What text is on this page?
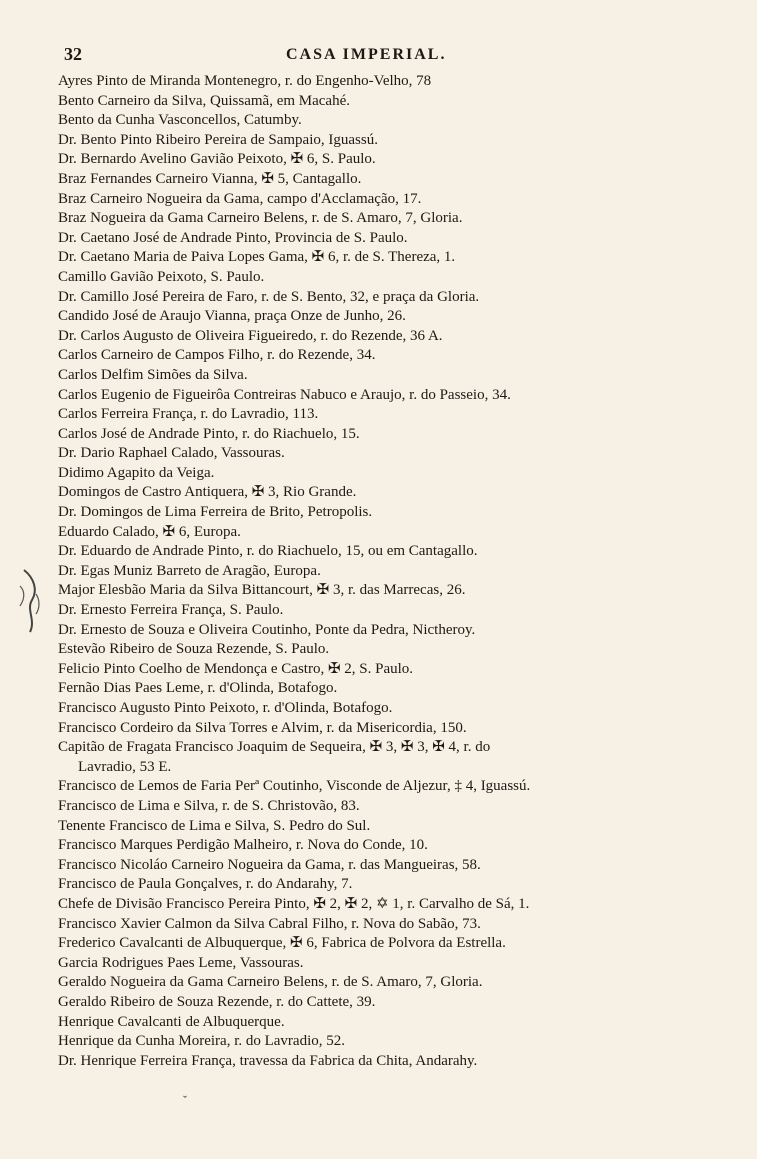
32	CASA IMPERIAL.

Ayres Pinto de Miranda Montenegro, r. do Engenho-Velho, 78

Bento Carneiro da Silva, Quissamã, em Macahé.

Bento da Cunha Vasconcellos, Catumby.

Dr. Bento Pinto Ribeiro Pereira de Sampaio, Iguassú.

Dr. Bernardo Avelino Gavião Peixoto, ✠ 6, S. Paulo.

Braz Fernandes Carneiro Vianna, ✠ 5, Cantagallo.

Braz Carneiro Nogueira da Gama, campo d'Acclamação, 17.

Braz Nogueira da Gama Carneiro Belens, r. de S. Amaro, 7, Gloria.

Dr. Caetano José de Andrade Pinto, Provincia de S. Paulo.

Dr. Caetano Maria de Paiva Lopes Gama, ✠ 6, r. de S. Thereza, 1.

Camillo Gavião Peixoto, S. Paulo.

Dr. Camillo José Pereira de Faro, r. de S. Bento, 32, e praça da Gloria.

Candido José de Araujo Vianna, praça Onze de Junho, 26.

Dr. Carlos Augusto de Oliveira Figueiredo, r. do Rezende, 36 A.

Carlos Carneiro de Campos Filho, r. do Rezende, 34.

Carlos Delfim Simões da Silva.

Carlos Eugenio de Figueirôa Contreiras Nabuco e Araujo, r. do Passeio, 34.

Carlos Ferreira França, r. do Lavradio, 113.

Carlos José de Andrade Pinto, r. do Riachuelo, 15.

Dr. Dario Raphael Calado, Vassouras.

Didimo Agapito da Veiga.

Domingos de Castro Antiquera, ✠ 3, Rio Grande.

Dr. Domingos de Lima Ferreira de Brito, Petropolis.

Eduardo Calado, ✠ 6, Europa.

Dr. Eduardo de Andrade Pinto, r. do Riachuelo, 15, ou em Cantagallo.

Dr. Egas Muniz Barreto de Aragão, Europa.

Major Elesbão Maria da Silva Bittancourt, ✠ 3, r. das Marrecas, 26.

Dr. Ernesto Ferreira França, S. Paulo.

Dr. Ernesto de Souza e Oliveira Coutinho, Ponte da Pedra, Nictheroy.

Estevão Ribeiro de Souza Rezende, S. Paulo.

Felicio Pinto Coelho de Mendonça e Castro, ✠ 2, S. Paulo.

Fernão Dias Paes Leme, r. d'Olinda, Botafogo.

Francisco Augusto Pinto Peixoto, r. d'Olinda, Botafogo.

Francisco Cordeiro da Silva Torres e Alvim, r. da Misericordia, 150.

Capitão de Fragata Francisco Joaquim de Sequeira, ✠ 3, ✠ 3, ✠ 4, r. do

Lavradio, 53 E.

Francisco de Lemos de Faria Perª Coutinho, Visconde de Aljezur, ‡ 4, Iguassú.

Francisco de Lima e Silva, r. de S. Christovão, 83.

Tenente Francisco de Lima e Silva, S. Pedro do Sul.

Francisco Marques Perdigão Malheiro, r. Nova do Conde, 10.

Francisco Nicoláo Carneiro Nogueira da Gama, r. das Mangueiras, 58.

Francisco de Paula Gonçalves, r. do Andarahy, 7.

Chefe de Divisão Francisco Pereira Pinto, ✠ 2, ✠ 2, ✡ 1, r. Carvalho de Sá, 1.

Francisco Xavier Calmon da Silva Cabral Filho, r. Nova do Sabão, 73.

Frederico Cavalcanti de Albuquerque, ✠ 6, Fabrica de Polvora da Estrella.

Garcia Rodrigues Paes Leme, Vassouras.

Geraldo Nogueira da Gama Carneiro Belens, r. de S. Amaro, 7, Gloria.

Geraldo Ribeiro de Souza Rezende, r. do Cattete, 39.

Henrique Cavalcanti de Albuquerque.

Henrique da Cunha Moreira, r. do Lavradio, 52.

Dr. Henrique Ferreira França, travessa da Fabrica da Chita, Andarahy.

ˇ
